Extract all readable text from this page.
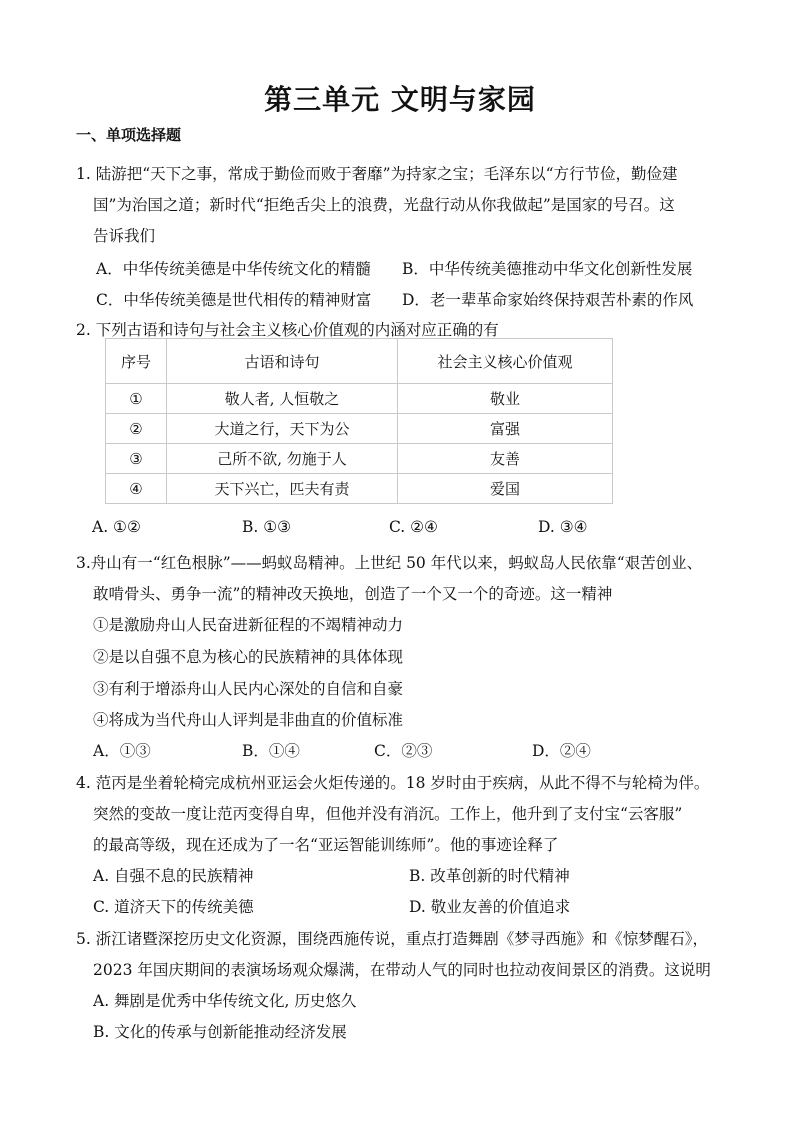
第三单元 文明与家园
一、单项选择题
1. 陆游把“天下之事，常成于勤俭而败于奢靡”为持家之宝；毛泽东以“方行节俭，勤俭建
国”为治国之道；新时代“拒绝舌尖上的浪费，光盘行动从你我做起”是国家的号召。这
告诉我们
A．中华传统美德是中华传统文化的精髓 B．中华传统美德推动中华文化创新性发展
C．中华传统美德是世代相传的精神财富 D．老一辈革命家始终保持艰苦朴素的作风
2. 下列古语和诗句与社会主义核心价值观的内涵对应正确的有
序号	古语和诗句	社会主义核心价值观
①	敬人者, 人恒敬之	敬业
②	大道之行，天下为公	富强
③	己所不欲, 勿施于人	友善
④	天下兴亡，匹夫有责	爱国
A. ①②	B. ①③	C. ②④	D. ③④
3.舟山有一“红色根脉”——蚂蚁岛精神。上世纪 50 年代以来，蚂蚁岛人民依靠“艰苦创业、
敢啃骨头、勇争一流”的精神改天换地，创造了一个又一个的奇迹。这一精神
①是激励舟山人民奋进新征程的不竭精神动力
②是以自强不息为核心的民族精神的具体体现
③有利于增添舟山人民内心深处的自信和自豪
④将成为当代舟山人评判是非曲直的价值标准
A．①③	B．①④	C．②③	D．②④
4. 范丙是坐着轮椅完成杭州亚运会火炬传递的。18 岁时由于疾病，从此不得不与轮椅为伴。
突然的变故一度让范丙变得自卑，但他并没有消沉。工作上，他升到了支付宝“云客服”
的最高等级，现在还成为了一名“亚运智能训练师”。他的事迹诠释了
A. 自强不息的民族精神	B. 改革创新的时代精神
C. 道济天下的传统美德	D. 敬业友善的价值追求
5. 浙江诸暨深挖历史文化资源，围绕西施传说，重点打造舞剧《梦寻西施》和《惊梦醒石》，
2023 年国庆期间的表演场场观众爆满，在带动人气的同时也拉动夜间景区的消费。这说明
A. 舞剧是优秀中华传统文化, 历史悠久
B. 文化的传承与创新能推动经济发展
